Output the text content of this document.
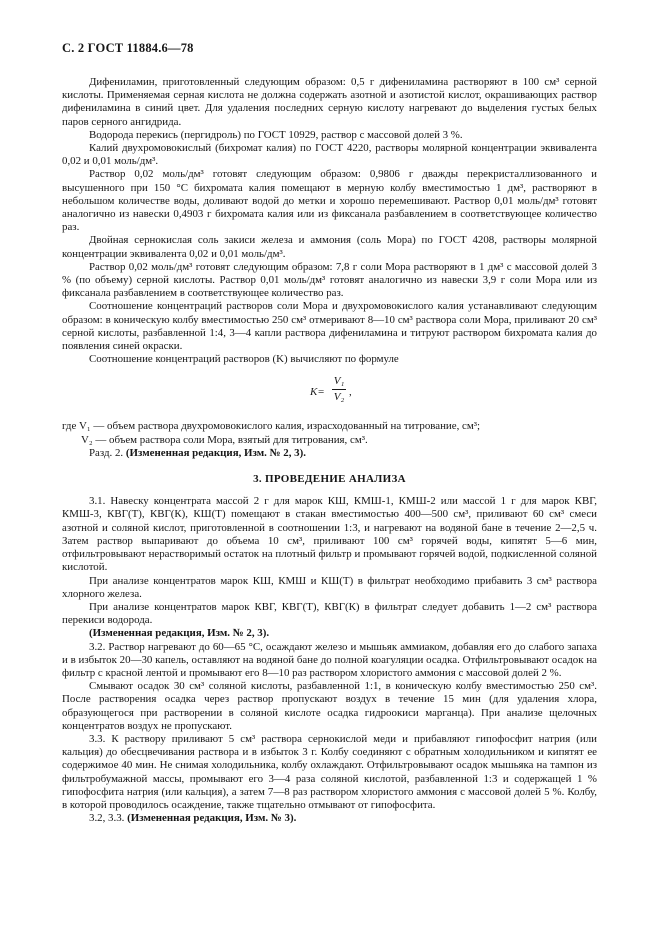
С. 2 ГОСТ 11884.6—78

Дифениламин, приготовленный следующим образом: 0,5 г дифениламина растворяют в 100 см³ серной кислоты. Применяемая серная кислота не должна содержать азотной и азотистой кислот, окрашивающих раствор дифениламина в синий цвет. Для удаления последних серную кислоту нагревают до выделения густых белых паров серного ангидрида.

Водорода перекись (пергидроль) по ГОСТ 10929, раствор с массовой долей 3 %.

Калий двухромовокислый (бихромат калия) по ГОСТ 4220, растворы молярной концентрации эквивалента 0,02 и 0,01 моль/дм³.

Раствор 0,02 моль/дм³ готовят следующим образом: 0,9806 г дважды перекристаллизованного и высушенного при 150 °С бихромата калия помещают в мерную колбу вместимостью 1 дм³, растворяют в небольшом количестве воды, доливают водой до метки и хорошо перемешивают. Раствор 0,01 моль/дм³ готовят аналогично из навески 0,4903 г бихромата калия или из фиксанала разбавлением в соответствующее количество раз.

Двойная сернокислая соль закиси железа и аммония (соль Мора) по ГОСТ 4208, растворы молярной концентрации эквивалента 0,02 и 0,01 моль/дм³.

Раствор 0,02 моль/дм³ готовят следующим образом: 7,8 г соли Мора растворяют в 1 дм³ с массовой долей 3 % (по объему) серной кислоты. Раствор 0,01 моль/дм³ готовят аналогично из навески 3,9 г соли Мора или из фиксанала разбавлением в соответствующее количество раз.

Соотношение концентраций растворов соли Мора и двухромовокислого калия устанавливают следующим образом: в коническую колбу вместимостью 250 см³ отмеривают 8—10 см³ раствора соли Мора, приливают 20 см³ серной кислоты, разбавленной 1:4, 3—4 капли раствора дифениламина и титруют раствором бихромата калия до появления синей окраски.

Соотношение концентраций растворов (K) вычисляют по формуле

K =
V₁
V₂ ,

где V₁ — объем раствора двухромовокислого калия, израсходованный на титрование, см³;

V₂ — объем раствора соли Мора, взятый для титрования, см³.

Разд. 2. (Измененная редакция, Изм. № 2, 3).

3. ПРОВЕДЕНИЕ АНАЛИЗА

3.1. Навеску концентрата массой 2 г для марок КШ, КМШ-1, КМШ-2 или массой 1 г для марок КВГ, КМШ-3, КВГ(Т), КВГ(К), КШ(Т) помещают в стакан вместимостью 400—500 см³, приливают 60 см³ смеси азотной и соляной кислот, приготовленной в соотношении 1:3, и нагревают на водяной бане в течение 2—2,5 ч. Затем раствор выпаривают до объема 10 см³, приливают 100 см³ горячей воды, кипятят 5—6 мин, отфильтровывают нерастворимый остаток на плотный фильтр и промывают горячей водой, подкисленной соляной кислотой.

При анализе концентратов марок КШ, КМШ и КШ(Т) в фильтрат необходимо прибавить 3 см³ раствора хлорного железа.

При анализе концентратов марок КВГ, КВГ(Т), КВГ(К) в фильтрат следует добавить 1—2 см³ раствора перекиси водорода.

(Измененная редакция, Изм. № 2, 3).

3.2. Раствор нагревают до 60—65 °С, осаждают железо и мышьяк аммиаком, добавляя его до слабого запаха и в избыток 20—30 капель, оставляют на водяной бане до полной коагуляции осадка. Отфильтровывают осадок на фильтр с красной лентой и промывают его 8—10 раз раствором хлористого аммония с массовой долей 2 %.

Смывают осадок 30 см³ соляной кислоты, разбавленной 1:1, в коническую колбу вместимостью 250 см³. После растворения осадка через раствор пропускают воздух в течение 15 мин (для удаления хлора, образующегося при растворении в соляной кислоте осадка гидроокиси марганца). При анализе щелочных концентратов воздух не пропускают.

3.3. К раствору приливают 5 см³ раствора сернокислой меди и прибавляют гипофосфит натрия (или кальция) до обесцвечивания раствора и в избыток 3 г. Колбу соединяют с обратным холодильником и кипятят ее содержимое 40 мин. Не снимая холодильника, колбу охлаждают. Отфильтровывают осадок мышьяка на тампон из фильтробумажной массы, промывают его 3—4 раза соляной кислотой, разбавленной 1:3 и содержащей 1 % гипофосфита натрия (или кальция), а затем 7—8 раз раствором хлористого аммония с массовой долей 5 %. Колбу, в которой проводилось осаждение, также тщательно отмывают от гипофосфита.

3.2, 3.3. (Измененная редакция, Изм. № 3).
